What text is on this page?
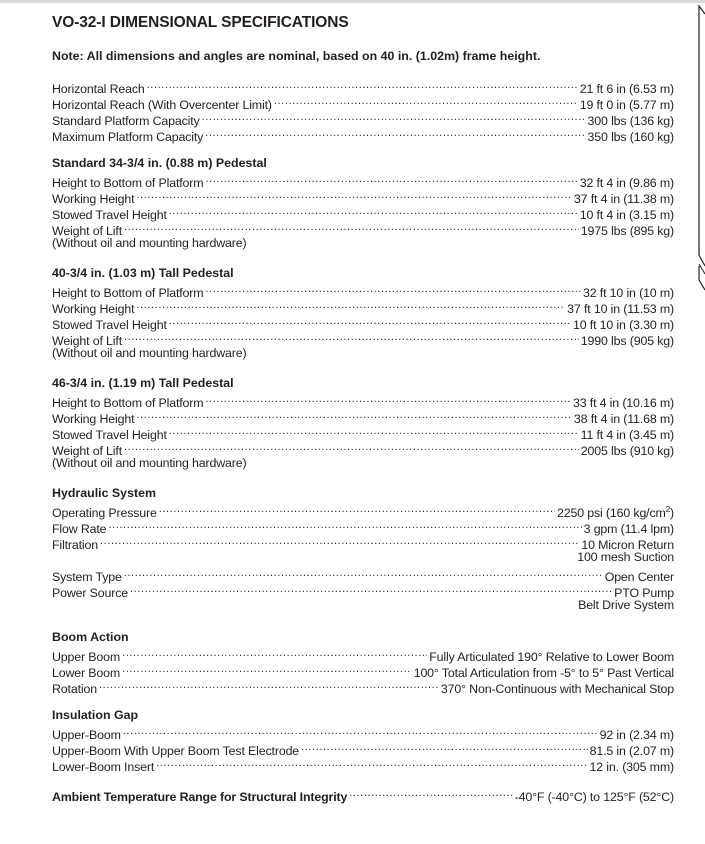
VO-32-I DIMENSIONAL SPECIFICATIONS
Note: All dimensions and angles are nominal, based on 40 in. (1.02m) frame height.
Horizontal Reach .....	21 ft 6 in (6.53 m)
Horizontal Reach (With Overcenter Limit) .....	19 ft 0 in (5.77 m)
Standard Platform Capacity .....	300 lbs (136 kg)
Maximum Platform Capacity .....	350 lbs (160 kg)
Standard 34-3/4 in. (0.88 m) Pedestal
Height to Bottom of Platform .....	32 ft 4 in (9.86 m)
Working Height .....	37 ft 4 in (11.38 m)
Stowed Travel Height .....	10 ft 4 in (3.15 m)
Weight of Lift .....	1975 lbs (895 kg)
(Without oil and mounting hardware)
40-3/4 in. (1.03 m) Tall Pedestal
Height to Bottom of Platform .....	32 ft 10 in (10 m)
Working Height .....	37 ft 10 in (11.53 m)
Stowed Travel Height .....	10 ft 10 in (3.30 m)
Weight of Lift .....	1990 lbs (905 kg)
(Without oil and mounting hardware)
46-3/4 in. (1.19 m) Tall Pedestal
Height to Bottom of Platform .....	33 ft 4 in (10.16 m)
Working Height .....	38 ft 4 in (11.68 m)
Stowed Travel Height .....	11 ft 4 in (3.45 m)
Weight of Lift .....	2005 lbs (910 kg)
(Without oil and mounting hardware)
Hydraulic System
Operating Pressure .....	2250 psi (160 $kg/cm^2$)
Flow Rate .....	3 gpm (11.4 lpm)
Filtration .....	10 Micron Return
100 mesh Suction
System Type .....	Open Center
Power Source .....	PTO Pump
Belt Drive System
Boom Action
Upper Boom .....	Fully Articulated 190° Relative to Lower Boom
Lower Boom .....	100° Total Articulation from -5° to 5° Past Vertical
Rotation .....	370° Non-Continuous with Mechanical Stop
Insulation Gap
Upper-Boom .....	92 in (2.34 m)
Upper-Boom With Upper Boom Test Electrode .....	81.5 in (2.07 m)
Lower-Boom Insert .....	12 in. (305 mm)
Ambient Temperature Range for Structural Integrity .....	-40°F (-40°C) to 125°F (52°C)
